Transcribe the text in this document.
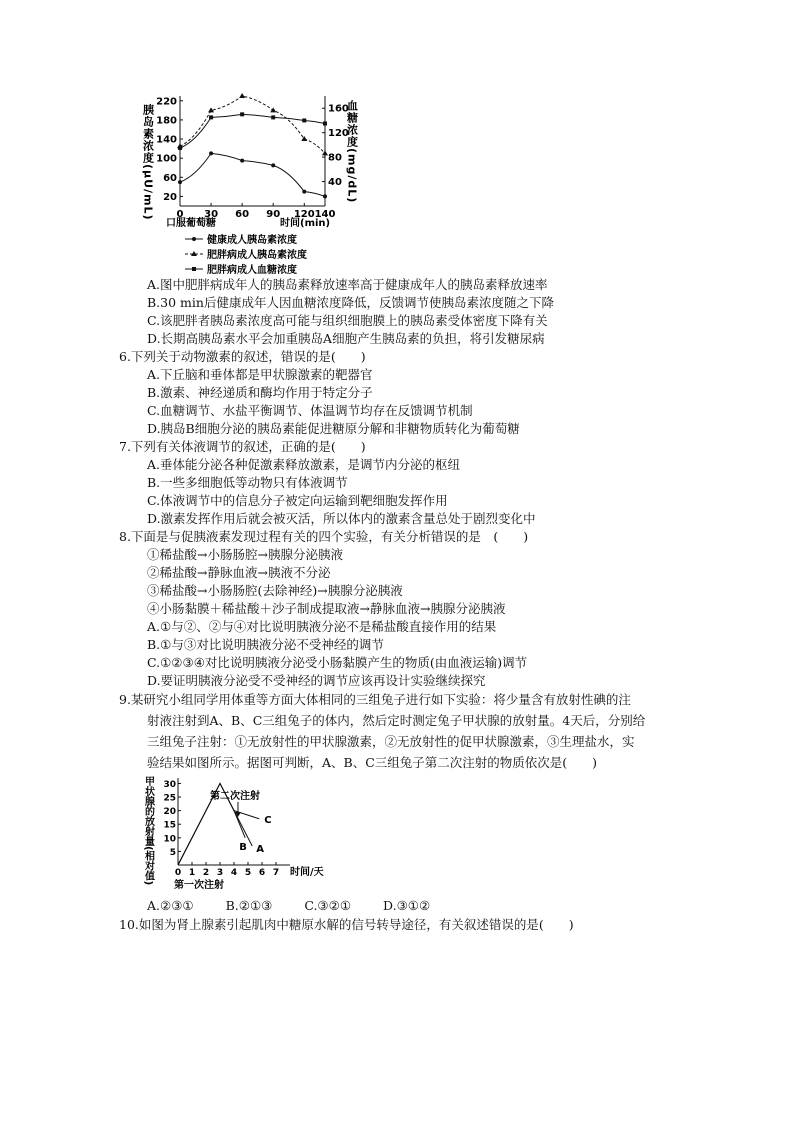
胰岛素浓度(μU/mL)	血糖浓度(mg/dL)
220
180
140
100
60
20
160
120
80
40
0 30 60 90 120 140
口服葡萄糖	时间(min)
健康成人胰岛素浓度
肥胖病成人胰岛素浓度
肥胖病成人血糖浓度
A.图中肥胖病成年人的胰岛素释放速率高于健康成年人的胰岛素释放速率
B.30 min后健康成年人因血糖浓度降低，反馈调节使胰岛素浓度随之下降
C.该肥胖者胰岛素浓度高可能与组织细胞膜上的胰岛素受体密度下降有关
D.长期高胰岛素水平会加重胰岛A细胞产生胰岛素的负担，将引发糖尿病
6.下列关于动物激素的叙述，错误的是(　　)
A.下丘脑和垂体都是甲状腺激素的靶器官
B.激素、神经递质和酶均作用于特定分子
C.血糖调节、水盐平衡调节、体温调节均存在反馈调节机制
D.胰岛B细胞分泌的胰岛素能促进糖原分解和非糖物质转化为葡萄糖
7.下列有关体液调节的叙述，正确的是(　　)
A.垂体能分泌各种促激素释放激素，是调节内分泌的枢纽
B.一些多细胞低等动物只有体液调节
C.体液调节中的信息分子被定向运输到靶细胞发挥作用
D.激素发挥作用后就会被灭活，所以体内的激素含量总处于剧烈变化中
8.下面是与促胰液素发现过程有关的四个实验，有关分析错误的是　(　　)
①稀盐酸→小肠肠腔→胰腺分泌胰液
②稀盐酸→静脉血液→胰液不分泌
③稀盐酸→小肠肠腔(去除神经)→胰腺分泌胰液
④小肠黏膜＋稀盐酸＋沙子制成提取液→静脉血液→胰腺分泌胰液
A.①与②、②与④对比说明胰液分泌不是稀盐酸直接作用的结果
B.①与③对比说明胰液分泌不受神经的调节
C.①②③④对比说明胰液分泌受小肠黏膜产生的物质(由血液运输)调节
D.要证明胰液分泌受不受神经的调节应该再设计实验继续探究
9.某研究小组同学用体重等方面大体相同的三组兔子进行如下实验：将少量含有放射性碘的注
射液注射到A、B、C三组兔子的体内，然后定时测定兔子甲状腺的放射量。4天后，分别给
三组兔子注射：①无放射性的甲状腺激素，②无放射性的促甲状腺激素，③生理盐水，实
验结果如图所示。据图可判断，A、B、C三组兔子第二次注射的物质依次是(　　)
甲状腺的放射量(相对值) 30
25
20
15
10
5
0 1 2 3 4 5 6 7
A
B
C
时间/天
第二次注射
第一次注射
A.②③①	B.②①③	C.③②①	D.③①②
10.如图为肾上腺素引起肌肉中糖原水解的信号转导途径，有关叙述错误的是(　　)
